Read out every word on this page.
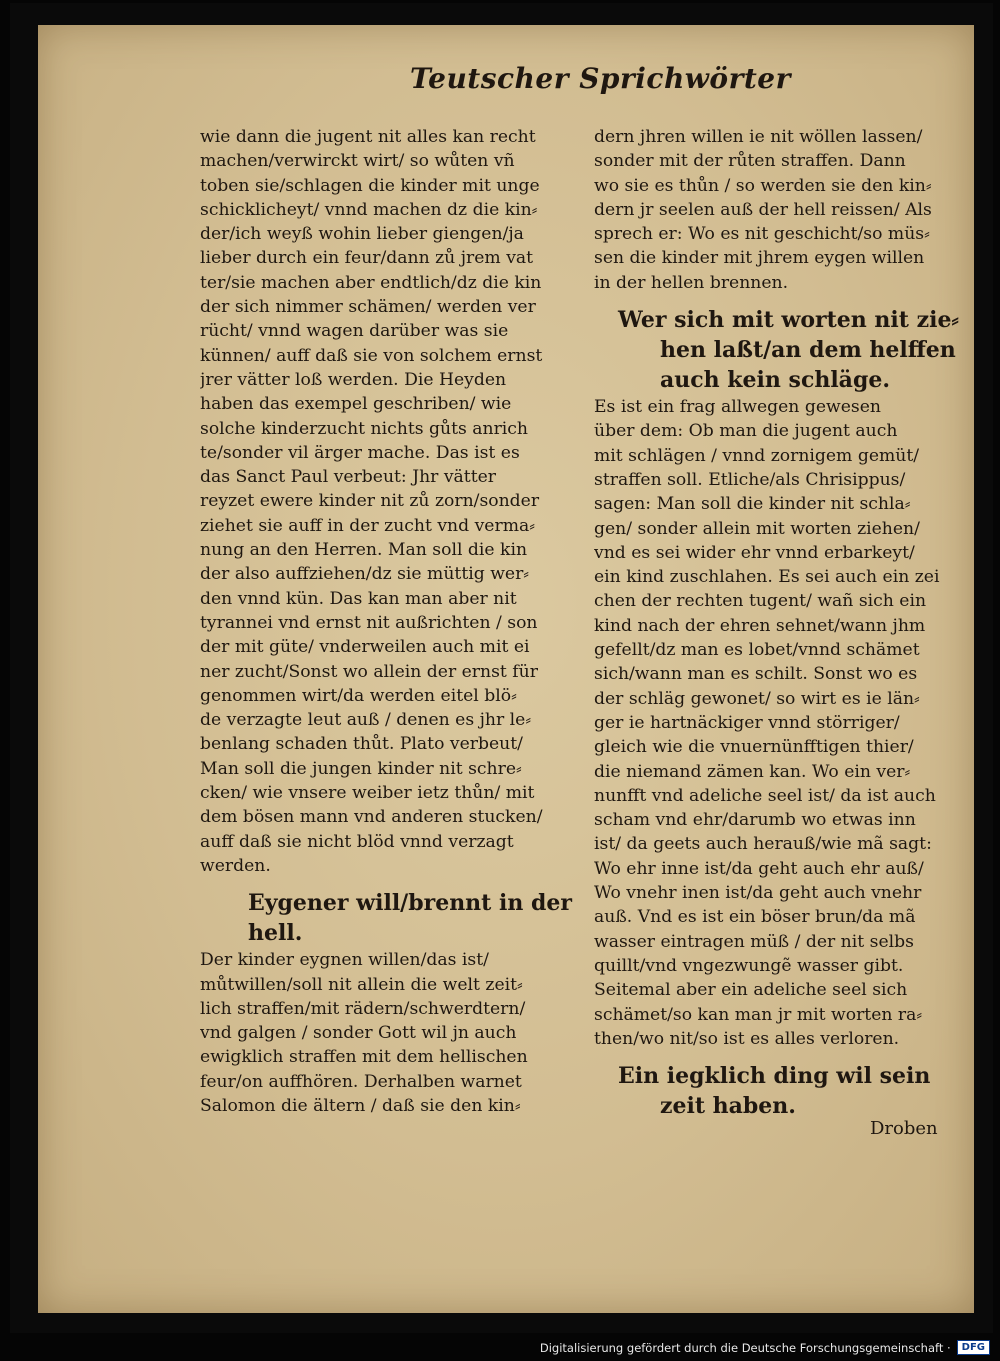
Teutscher Sprichwörter
wie dann die jugent nit alles kan recht
machen/verwirckt wirt/ so wůten vñ
toben sie/schlagen die kinder mit unge
schicklicheyt/ vnnd machen dz die kin⸗
der/ich weyß wohin lieber giengen/ja
lieber durch ein feur/dann zů jrem vat
ter/sie machen aber endtlich/dz die kin
der sich nimmer schämen/ werden ver
rücht/ vnnd wagen darüber was sie
künnen/ auff daß sie von solchem ernst
jrer vätter loß werden. Die Heyden
haben das exempel geschriben/ wie
solche kinderzucht nichts gůts anrich
te/sonder vil ärger mache. Das ist es
das Sanct Paul verbeut: Jhr vätter
reyzet ewere kinder nit zů zorn/sonder
ziehet sie auff in der zucht vnd verma⸗
nung an den Herren. Man soll die kin
der also auffziehen/dz sie müttig wer⸗
den vnnd kün. Das kan man aber nit
tyrannei vnd ernst nit außrichten / son
der mit güte/ vnderweilen auch mit ei
ner zucht/Sonst wo allein der ernst für
genommen wirt/da werden eitel blö⸗
de verzagte leut auß / denen es jhr le⸗
benlang schaden thůt. Plato verbeut/
Man soll die jungen kinder nit schre⸗
cken/ wie vnsere weiber ietz thůn/ mit
dem bösen mann vnd anderen stucken/
auff daß sie nicht blöd vnnd verzagt
werden.
Eygener will/brennt in der
hell.
Der kinder eygnen willen/das ist/
můtwillen/soll nit allein die welt zeit⸗
lich straffen/mit rädern/schwerdtern/
vnd galgen / sonder Gott wil jn auch
ewigklich straffen mit dem hellischen
feur/on auffhören. Derhalben warnet
Salomon die ältern / daß sie den kin⸗
dern jhren willen ie nit wöllen lassen/
sonder mit der růten straffen. Dann
wo sie es thůn / so werden sie den kin⸗
dern jr seelen auß der hell reissen/ Als
sprech er: Wo es nit geschicht/so müs⸗
sen die kinder mit jhrem eygen willen
in der hellen brennen.
Wer sich mit worten nit zie⸗
hen laßt/an dem helffen
auch kein schläge.
Es ist ein frag allwegen gewesen
über dem: Ob man die jugent auch
mit schlägen / vnnd zornigem gemüt/
straffen soll. Etliche/als Chrisippus/
sagen: Man soll die kinder nit schla⸗
gen/ sonder allein mit worten ziehen/
vnd es sei wider ehr vnnd erbarkeyt/
ein kind zuschlahen. Es sei auch ein zei
chen der rechten tugent/ wañ sich ein
kind nach der ehren sehnet/wann jhm
gefellt/dz man es lobet/vnnd schämet
sich/wann man es schilt. Sonst wo es
der schläg gewonet/ so wirt es ie län⸗
ger ie hartnäckiger vnnd störriger/
gleich wie die vnuernünfftigen thier/
die niemand zämen kan. Wo ein ver⸗
nunfft vnd adeliche seel ist/ da ist auch
scham vnd ehr/darumb wo etwas inn
ist/ da geets auch herauß/wie mã sagt:
Wo ehr inne ist/da geht auch ehr auß/
Wo vnehr inen ist/da geht auch vnehr
auß. Vnd es ist ein böser brun/da mã
wasser eintragen müß / der nit selbs
quillt/vnd vngezwungẽ wasser gibt.
Seitemal aber ein adeliche seel sich
schämet/so kan man jr mit worten ra⸗
then/wo nit/so ist es alles verloren.
Ein iegklich ding wil sein
zeit haben.
Droben
Digitalisierung gefördert durch die Deutsche Forschungsgemeinschaft ·	DFG
